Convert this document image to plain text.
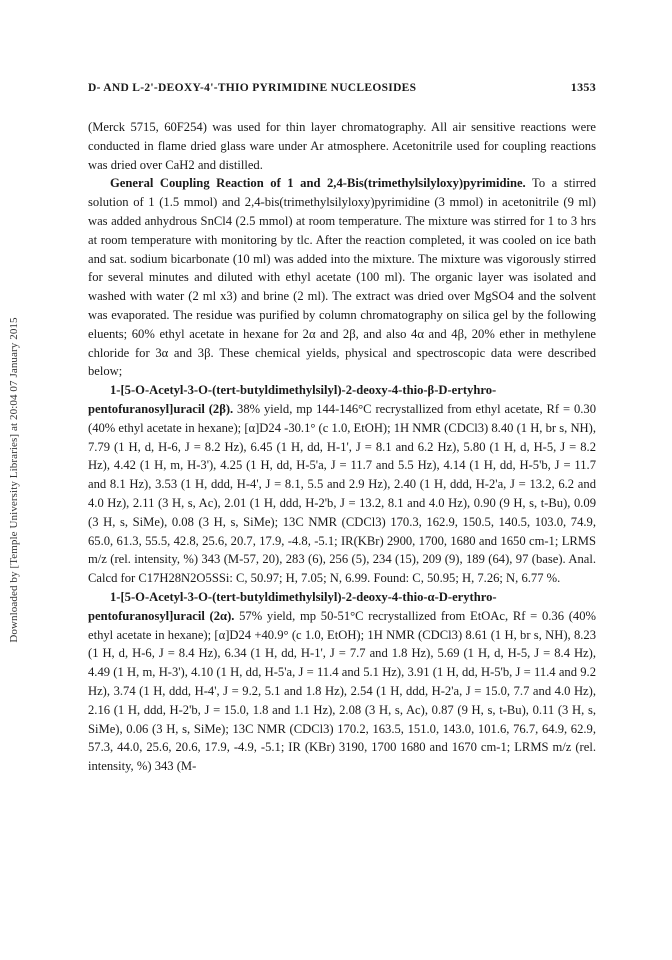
Downloaded by [Temple University Libraries] at 20:04 07 January 2015
D- AND L-2'-DEOXY-4'-THIO PYRIMIDINE NUCLEOSIDES	1353

(Merck 5715, 60F254) was used for thin layer chromatography. All air sensitive reactions were conducted in flame dried glass ware under Ar atmosphere. Acetonitrile used for coupling reactions was dried over CaH2 and distilled.

General Coupling Reaction of 1 and 2,4-Bis(trimethylsilyloxy)pyrimidine. To a stirred solution of 1 (1.5 mmol) and 2,4-bis(trimethylsilyloxy)pyrimidine (3 mmol) in acetonitrile (9 ml) was added anhydrous SnCl4 (2.5 mmol) at room temperature. The mixture was stirred for 1 to 3 hrs at room temperature with monitoring by tlc. After the reaction completed, it was cooled on ice bath and sat. sodium bicarbonate (10 ml) was added into the mixture. The mixture was vigorously stirred for several minutes and diluted with ethyl acetate (100 ml). The organic layer was isolated and washed with water (2 ml x3) and brine (2 ml). The extract was dried over MgSO4 and the solvent was evaporated. The residue was purified by column chromatography on silica gel by the following eluents; 60% ethyl acetate in hexane for 2α and 2β, and also 4α and 4β, 20% ether in methylene chloride for 3α and 3β. These chemical yields, physical and spectroscopic data were described below;

1-[5-O-Acetyl-3-O-(tert-butyldimethylsilyl)-2-deoxy-4-thio-β-D-ertyhro-pentofuranosyl]uracil (2β). 38% yield, mp 144-146°C recrystallized from ethyl acetate, Rf = 0.30 (40% ethyl acetate in hexane); [α]D24 -30.1° (c 1.0, EtOH); 1H NMR (CDCl3) 8.40 (1 H, br s, NH), 7.79 (1 H, d, H-6, J = 8.2 Hz), 6.45 (1 H, dd, H-1', J = 8.1 and 6.2 Hz), 5.80 (1 H, d, H-5, J = 8.2 Hz), 4.42 (1 H, m, H-3'), 4.25 (1 H, dd, H-5'a, J = 11.7 and 5.5 Hz), 4.14 (1 H, dd, H-5'b, J = 11.7 and 8.1 Hz), 3.53 (1 H, ddd, H-4', J = 8.1, 5.5 and 2.9 Hz), 2.40 (1 H, ddd, H-2'a, J = 13.2, 6.2 and 4.0 Hz), 2.11 (3 H, s, Ac), 2.01 (1 H, ddd, H-2'b, J = 13.2, 8.1 and 4.0 Hz), 0.90 (9 H, s, t-Bu), 0.09 (3 H, s, SiMe), 0.08 (3 H, s, SiMe); 13C NMR (CDCl3) 170.3, 162.9, 150.5, 140.5, 103.0, 74.9, 65.0, 61.3, 55.5, 42.8, 25.6, 20.7, 17.9, -4.8, -5.1; IR(KBr) 2900, 1700, 1680 and 1650 cm-1; LRMS m/z (rel. intensity, %) 343 (M-57, 20), 283 (6), 256 (5), 234 (15), 209 (9), 189 (64), 97 (base). Anal. Calcd for C17H28N2O5SSi: C, 50.97; H, 7.05; N, 6.99. Found: C, 50.95; H, 7.26; N, 6.77 %.

1-[5-O-Acetyl-3-O-(tert-butyldimethylsilyl)-2-deoxy-4-thio-α-D-erythro-pentofuranosyl]uracil (2α). 57% yield, mp 50-51°C recrystallized from EtOAc, Rf = 0.36 (40% ethyl acetate in hexane); [α]D24 +40.9° (c 1.0, EtOH); 1H NMR (CDCl3) 8.61 (1 H, br s, NH), 8.23 (1 H, d, H-6, J = 8.4 Hz), 6.34 (1 H, dd, H-1', J = 7.7 and 1.8 Hz), 5.69 (1 H, d, H-5, J = 8.4 Hz), 4.49 (1 H, m, H-3'), 4.10 (1 H, dd, H-5'a, J = 11.4 and 5.1 Hz), 3.91 (1 H, dd, H-5'b, J = 11.4 and 9.2 Hz), 3.74 (1 H, ddd, H-4', J = 9.2, 5.1 and 1.8 Hz), 2.54 (1 H, ddd, H-2'a, J = 15.0, 7.7 and 4.0 Hz), 2.16 (1 H, ddd, H-2'b, J = 15.0, 1.8 and 1.1 Hz), 2.08 (3 H, s, Ac), 0.87 (9 H, s, t-Bu), 0.11 (3 H, s, SiMe), 0.06 (3 H, s, SiMe); 13C NMR (CDCl3) 170.2, 163.5, 151.0, 143.0, 101.6, 76.7, 64.9, 62.9, 57.3, 44.0, 25.6, 20.6, 17.9, -4.9, -5.1; IR (KBr) 3190, 1700 1680 and 1670 cm-1; LRMS m/z (rel. intensity, %) 343 (M-
